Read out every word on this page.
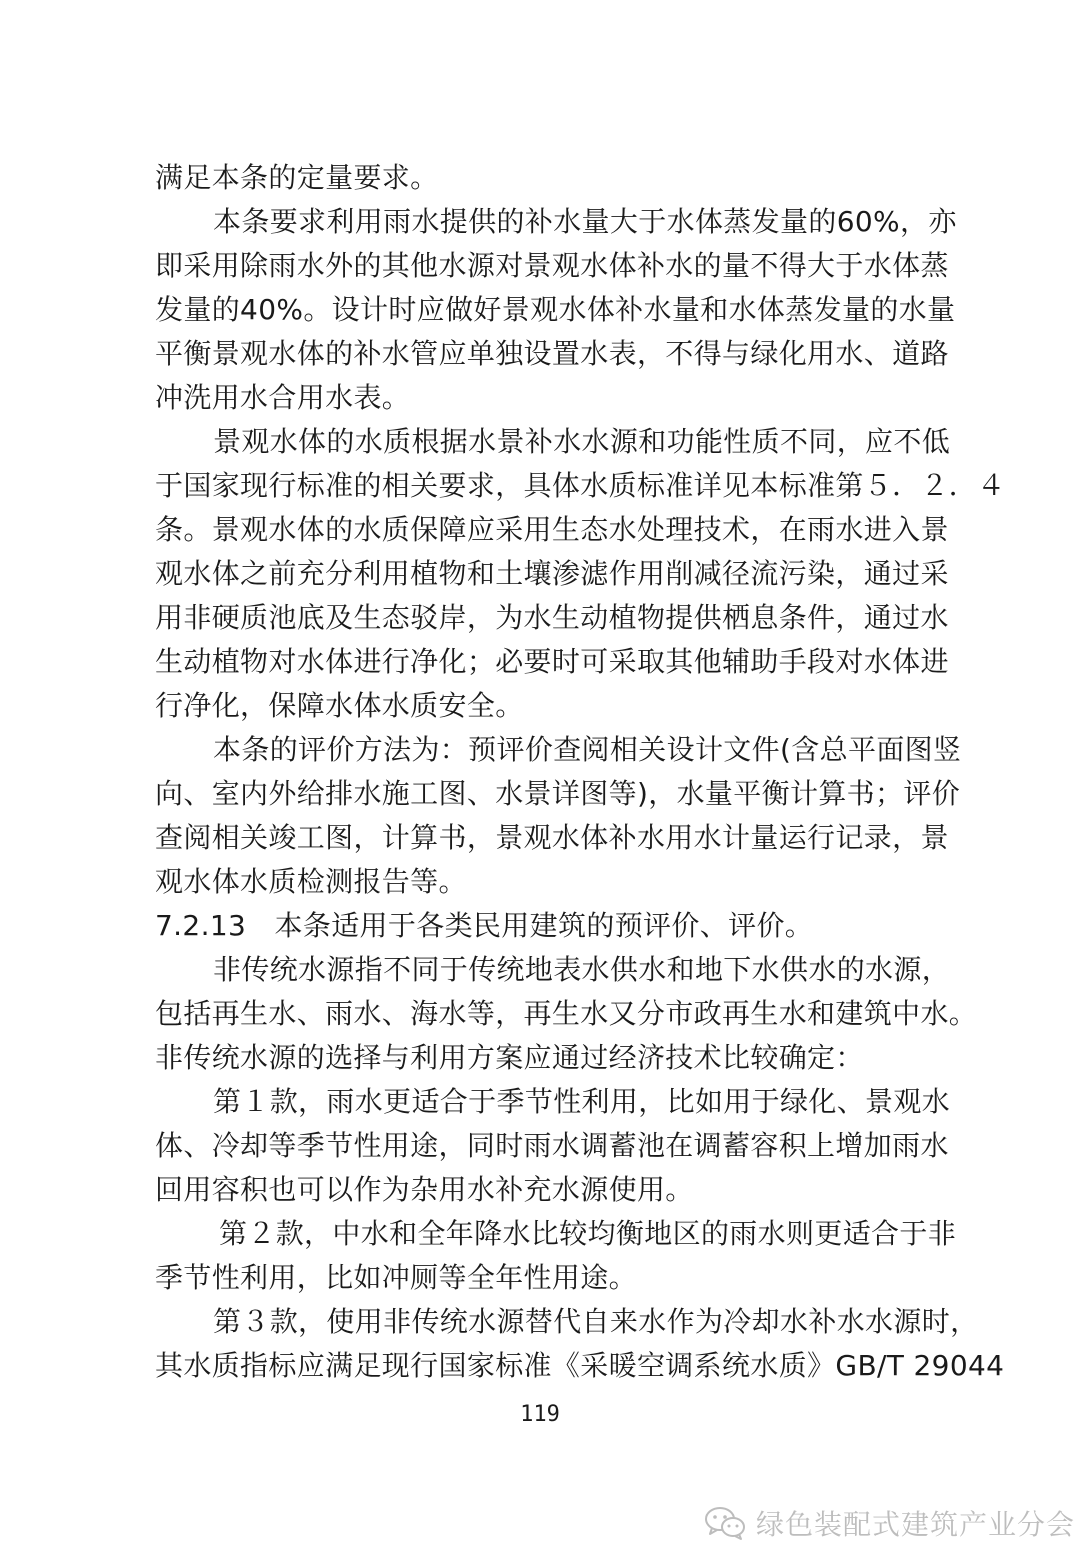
满足本条的定量要求。
本条要求利用雨水提供的补水量大于水体蒸发量的60%，亦
即采用除雨水外的其他水源对景观水体补水的量不得大于水体蒸
发量的40%。设计时应做好景观水体补水量和水体蒸发量的水量
平衡景观水体的补水管应单独设置水表，不得与绿化用水、道路
冲洗用水合用水表。
景观水体的水质根据水景补水水源和功能性质不同，应不低
于国家现行标准的相关要求，具体水质标准详见本标准第５．２．４
条。景观水体的水质保障应采用生态水处理技术，在雨水进入景
观水体之前充分利用植物和土壤渗滤作用削减径流污染，通过采
用非硬质池底及生态驳岸，为水生动植物提供栖息条件，通过水
生动植物对水体进行净化；必要时可采取其他辅助手段对水体进
行净化，保障水体水质安全。
本条的评价方法为：预评价查阅相关设计文件(含总平面图竖
向、室内外给排水施工图、水景详图等)，水量平衡计算书；评价
查阅相关竣工图，计算书，景观水体补水用水计量运行记录，景
观水体水质检测报告等。
7.2.13　本条适用于各类民用建筑的预评价、评价。
非传统水源指不同于传统地表水供水和地下水供水的水源，
包括再生水、雨水、海水等，再生水又分市政再生水和建筑中水。
非传统水源的选择与利用方案应通过经济技术比较确定：
第１款，雨水更适合于季节性利用，比如用于绿化、景观水
体、冷却等季节性用途，同时雨水调蓄池在调蓄容积上增加雨水
回用容积也可以作为杂用水补充水源使用。
第２款，中水和全年降水比较均衡地区的雨水则更适合于非
季节性利用，比如冲厕等全年性用途。
第３款，使用非传统水源替代自来水作为冷却水补水水源时，
其水质指标应满足现行国家标准《采暖空调系统水质》GB/T 29044
119
绿色装配式建筑产业分会
